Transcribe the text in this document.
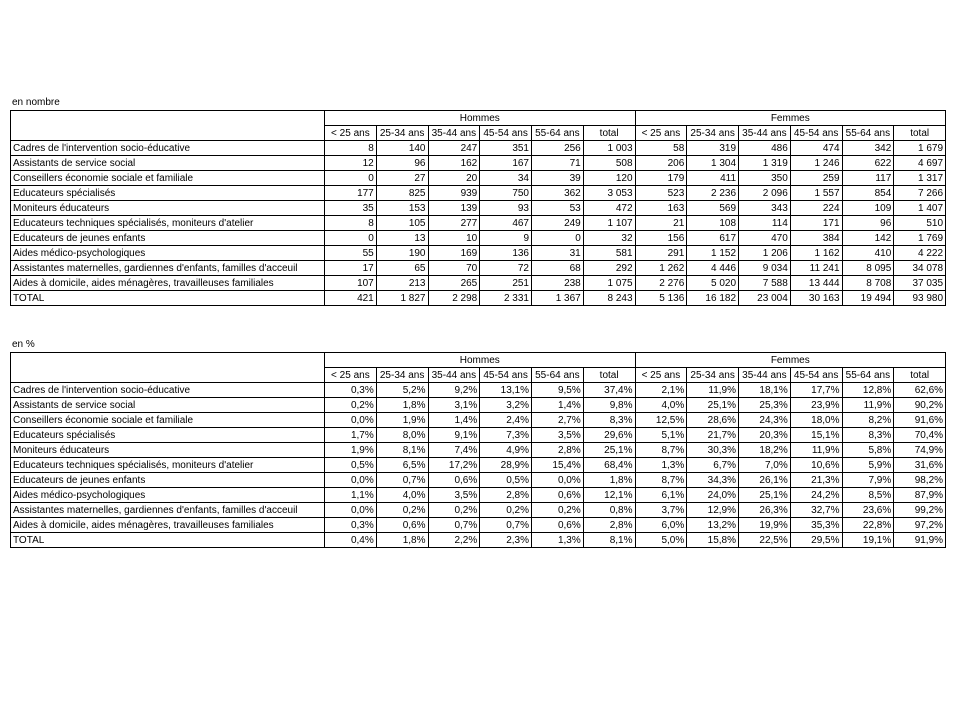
en nombre
	Hommes						Femmes					
	< 25 ans	25-34 ans	35-44 ans	45-54 ans	55-64 ans	total	< 25 ans	25-34 ans	35-44 ans	45-54 ans	55-64 ans	total
Cadres de l'intervention socio-éducative	8	140	247	351	256	1 003	58	319	486	474	342	1 679
Assistants de service social	12	96	162	167	71	508	206	1 304	1 319	1 246	622	4 697
Conseillers économie sociale et familiale	0	27	20	34	39	120	179	411	350	259	117	1 317
Educateurs spécialisés	177	825	939	750	362	3 053	523	2 236	2 096	1 557	854	7 266
Moniteurs éducateurs	35	153	139	93	53	472	163	569	343	224	109	1 407
Educateurs techniques spécialisés, moniteurs d'atelier	8	105	277	467	249	1 107	21	108	114	171	96	510
Educateurs de jeunes enfants	0	13	10	9	0	32	156	617	470	384	142	1 769
Aides médico-psychologiques	55	190	169	136	31	581	291	1 152	1 206	1 162	410	4 222
Assistantes maternelles, gardiennes d'enfants, familles d'acceuil	17	65	70	72	68	292	1 262	4 446	9 034	11 241	8 095	34 078
Aides à domicile, aides ménagères, travailleuses familiales	107	213	265	251	238	1 075	2 276	5 020	7 588	13 444	8 708	37 035
TOTAL	421	1 827	2 298	2 331	1 367	8 243	5 136	16 182	23 004	30 163	19 494	93 980
en %
	Hommes						Femmes					
	< 25 ans	25-34 ans	35-44 ans	45-54 ans	55-64 ans	total	< 25 ans	25-34 ans	35-44 ans	45-54 ans	55-64 ans	total
Cadres de l'intervention socio-éducative	0,3%	5,2%	9,2%	13,1%	9,5%	37,4%	2,1%	11,9%	18,1%	17,7%	12,8%	62,6%
Assistants de service social	0,2%	1,8%	3,1%	3,2%	1,4%	9,8%	4,0%	25,1%	25,3%	23,9%	11,9%	90,2%
Conseillers économie sociale et familiale	0,0%	1,9%	1,4%	2,4%	2,7%	8,3%	12,5%	28,6%	24,3%	18,0%	8,2%	91,6%
Educateurs spécialisés	1,7%	8,0%	9,1%	7,3%	3,5%	29,6%	5,1%	21,7%	20,3%	15,1%	8,3%	70,4%
Moniteurs éducateurs	1,9%	8,1%	7,4%	4,9%	2,8%	25,1%	8,7%	30,3%	18,2%	11,9%	5,8%	74,9%
Educateurs techniques spécialisés, moniteurs d'atelier	0,5%	6,5%	17,2%	28,9%	15,4%	68,4%	1,3%	6,7%	7,0%	10,6%	5,9%	31,6%
Educateurs de jeunes enfants	0,0%	0,7%	0,6%	0,5%	0,0%	1,8%	8,7%	34,3%	26,1%	21,3%	7,9%	98,2%
Aides médico-psychologiques	1,1%	4,0%	3,5%	2,8%	0,6%	12,1%	6,1%	24,0%	25,1%	24,2%	8,5%	87,9%
Assistantes maternelles, gardiennes d'enfants, familles d'acceuil	0,0%	0,2%	0,2%	0,2%	0,2%	0,8%	3,7%	12,9%	26,3%	32,7%	23,6%	99,2%
Aides à domicile, aides ménagères, travailleuses familiales	0,3%	0,6%	0,7%	0,7%	0,6%	2,8%	6,0%	13,2%	19,9%	35,3%	22,8%	97,2%
TOTAL	0,4%	1,8%	2,2%	2,3%	1,3%	8,1%	5,0%	15,8%	22,5%	29,5%	19,1%	91,9%
